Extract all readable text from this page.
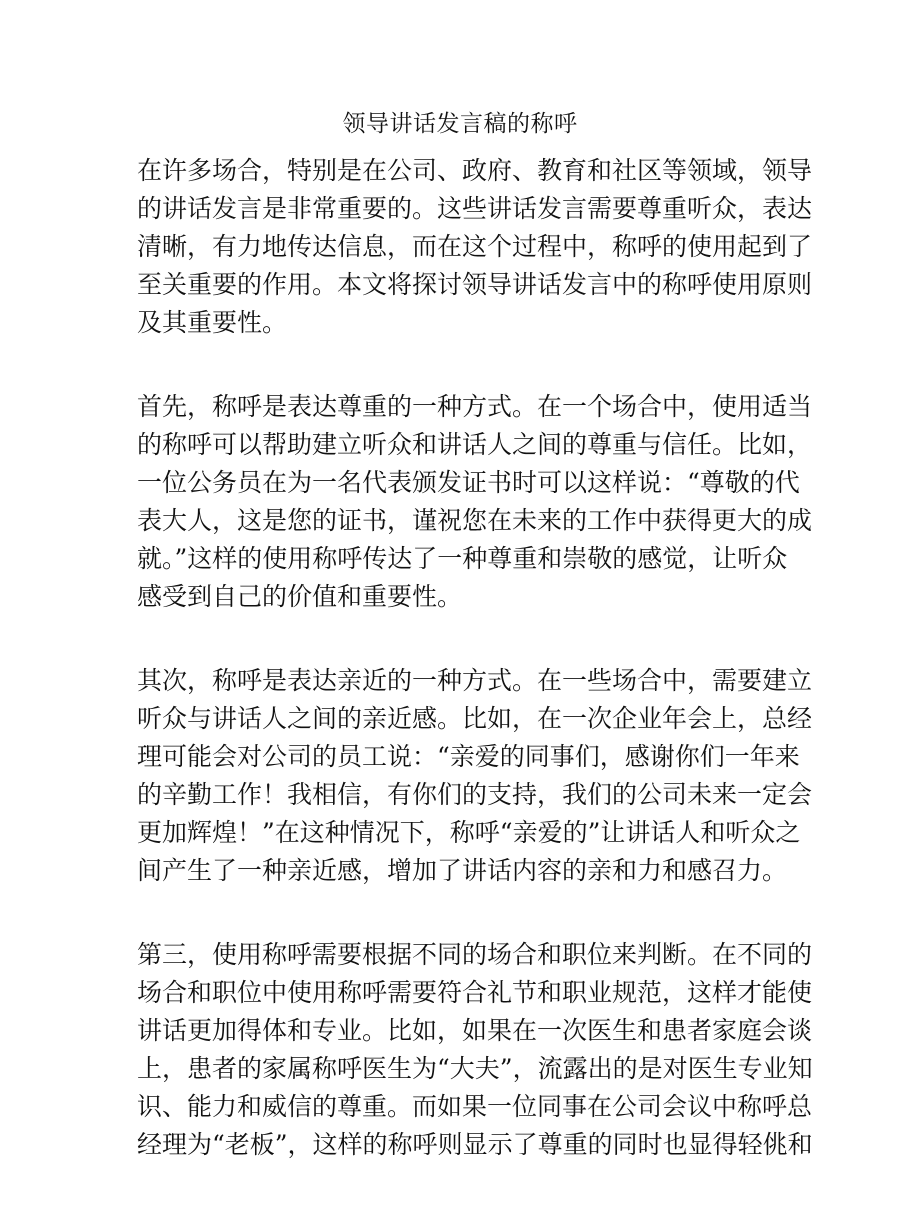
领导讲话发言稿的称呼

在许多场合，特别是在公司、政府、教育和社区等领域，领导
的讲话发言是非常重要的。这些讲话发言需要尊重听众，表达
清晰，有力地传达信息，而在这个过程中，称呼的使用起到了
至关重要的作用。本文将探讨领导讲话发言中的称呼使用原则
及其重要性。

首先，称呼是表达尊重的一种方式。在一个场合中，使用适当
的称呼可以帮助建立听众和讲话人之间的尊重与信任。比如，
一位公务员在为一名代表颁发证书时可以这样说：“尊敬的代
表大人，这是您的证书，谨祝您在未来的工作中获得更大的成
就。”这样的使用称呼传达了一种尊重和崇敬的感觉，让听众
感受到自己的价值和重要性。

其次，称呼是表达亲近的一种方式。在一些场合中，需要建立
听众与讲话人之间的亲近感。比如，在一次企业年会上，总经
理可能会对公司的员工说：“亲爱的同事们，感谢你们一年来
的辛勤工作！我相信，有你们的支持，我们的公司未来一定会
更加辉煌！”在这种情况下，称呼“亲爱的”让讲话人和听众之
间产生了一种亲近感，增加了讲话内容的亲和力和感召力。

第三，使用称呼需要根据不同的场合和职位来判断。在不同的
场合和职位中使用称呼需要符合礼节和职业规范，这样才能使
讲话更加得体和专业。比如，如果在一次医生和患者家庭会谈
上，患者的家属称呼医生为“大夫”，流露出的是对医生专业知
识、能力和威信的尊重。而如果一位同事在公司会议中称呼总
经理为“老板”，这样的称呼则显示了尊重的同时也显得轻佻和
